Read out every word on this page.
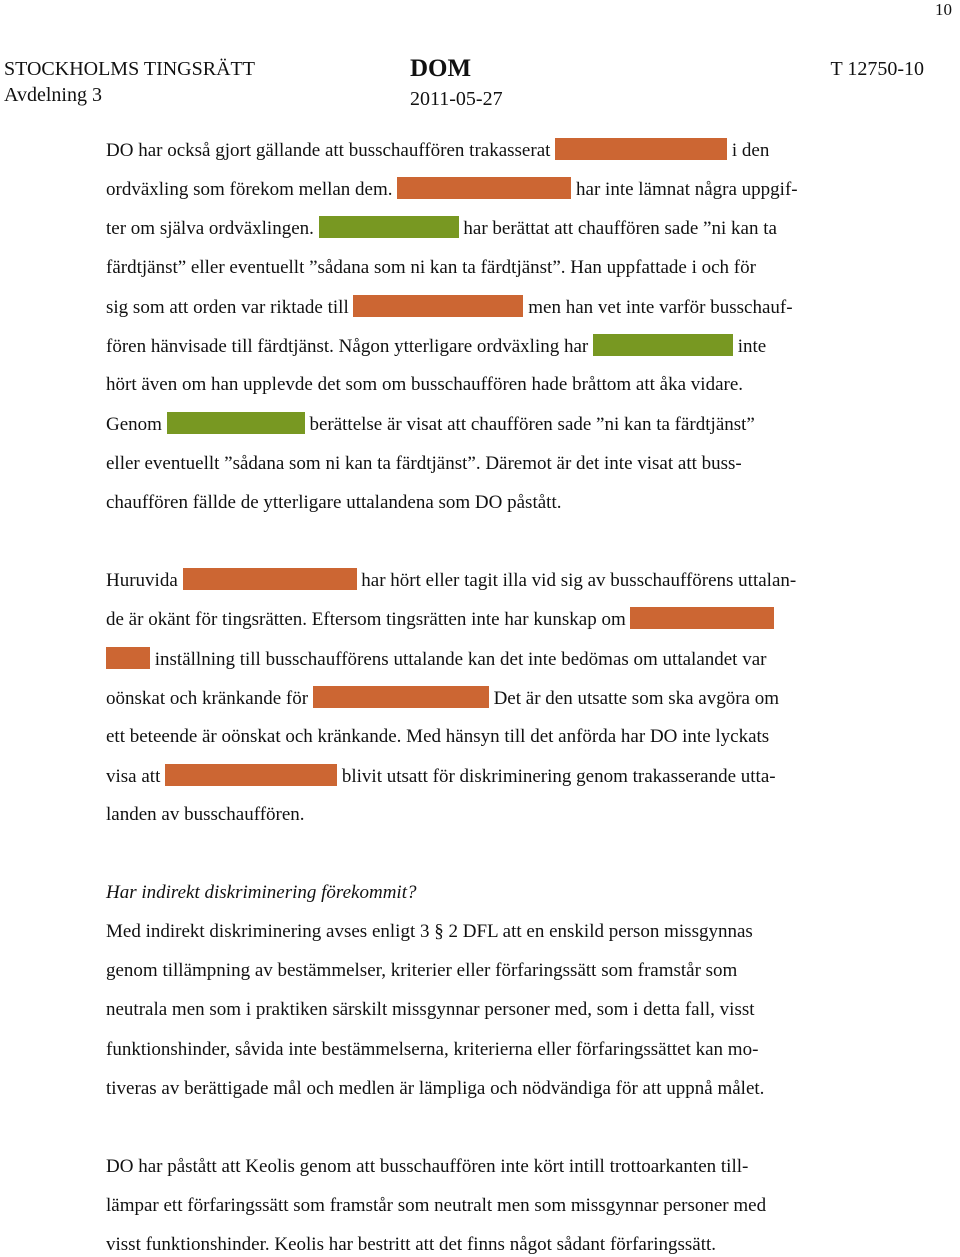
10
STOCKHOLMS TINGSRÄTT
Avdelning 3
DOM
2011-05-27
T 12750-10
DO har också gjort gällande att busschauffören trakasserat	i den
ordväxling som förekom mellan dem.	har inte lämnat några uppgif-
ter om själva ordväxlingen.	har berättat att chauffören sade ”ni kan ta
färdtjänst” eller eventuellt ”sådana som ni kan ta färdtjänst”. Han uppfattade i och för
sig som att orden var riktade till	men han vet inte varför busschauf-
fören hänvisade till färdtjänst. Någon ytterligare ordväxling har	inte
hört även om han upplevde det som om busschauffören hade bråttom att åka vidare.
Genom	berättelse är visat att chauffören sade ”ni kan ta färdtjänst”
eller eventuellt ”sådana som ni kan ta färdtjänst”. Däremot är det inte visat att buss-
chauffören fällde de ytterligare uttalandena som DO påstått.
Huruvida	har hört eller tagit illa vid sig av busschaufförens uttalan-
de är okänt för tingsrätten. Eftersom tingsrätten inte har kunskap om
inställning till busschaufförens uttalande kan det inte bedömas om uttalandet var
oönskat och kränkande för	Det är den utsatte som ska avgöra om
ett beteende är oönskat och kränkande. Med hänsyn till det anförda har DO inte lyckats
visa att	blivit utsatt för diskriminering genom trakasserande utta-
landen av busschauffören.
Har indirekt diskriminering förekommit?
Med indirekt diskriminering avses enligt 3 § 2 DFL att en enskild person missgynnas
genom tillämpning av bestämmelser, kriterier eller förfaringssätt som framstår som
neutrala men som i praktiken särskilt missgynnar personer med, som i detta fall, visst
funktionshinder, såvida inte bestämmelserna, kriterierna eller förfaringssättet kan mo-
tiveras av berättigade mål och medlen är lämpliga och nödvändiga för att uppnå målet.
DO har påstått att Keolis genom att busschauffören inte kört intill trottoarkanten till-
lämpar ett förfaringssätt som framstår som neutralt men som missgynnar personer med
visst funktionshinder. Keolis har bestritt att det finns något sådant förfaringssätt.
